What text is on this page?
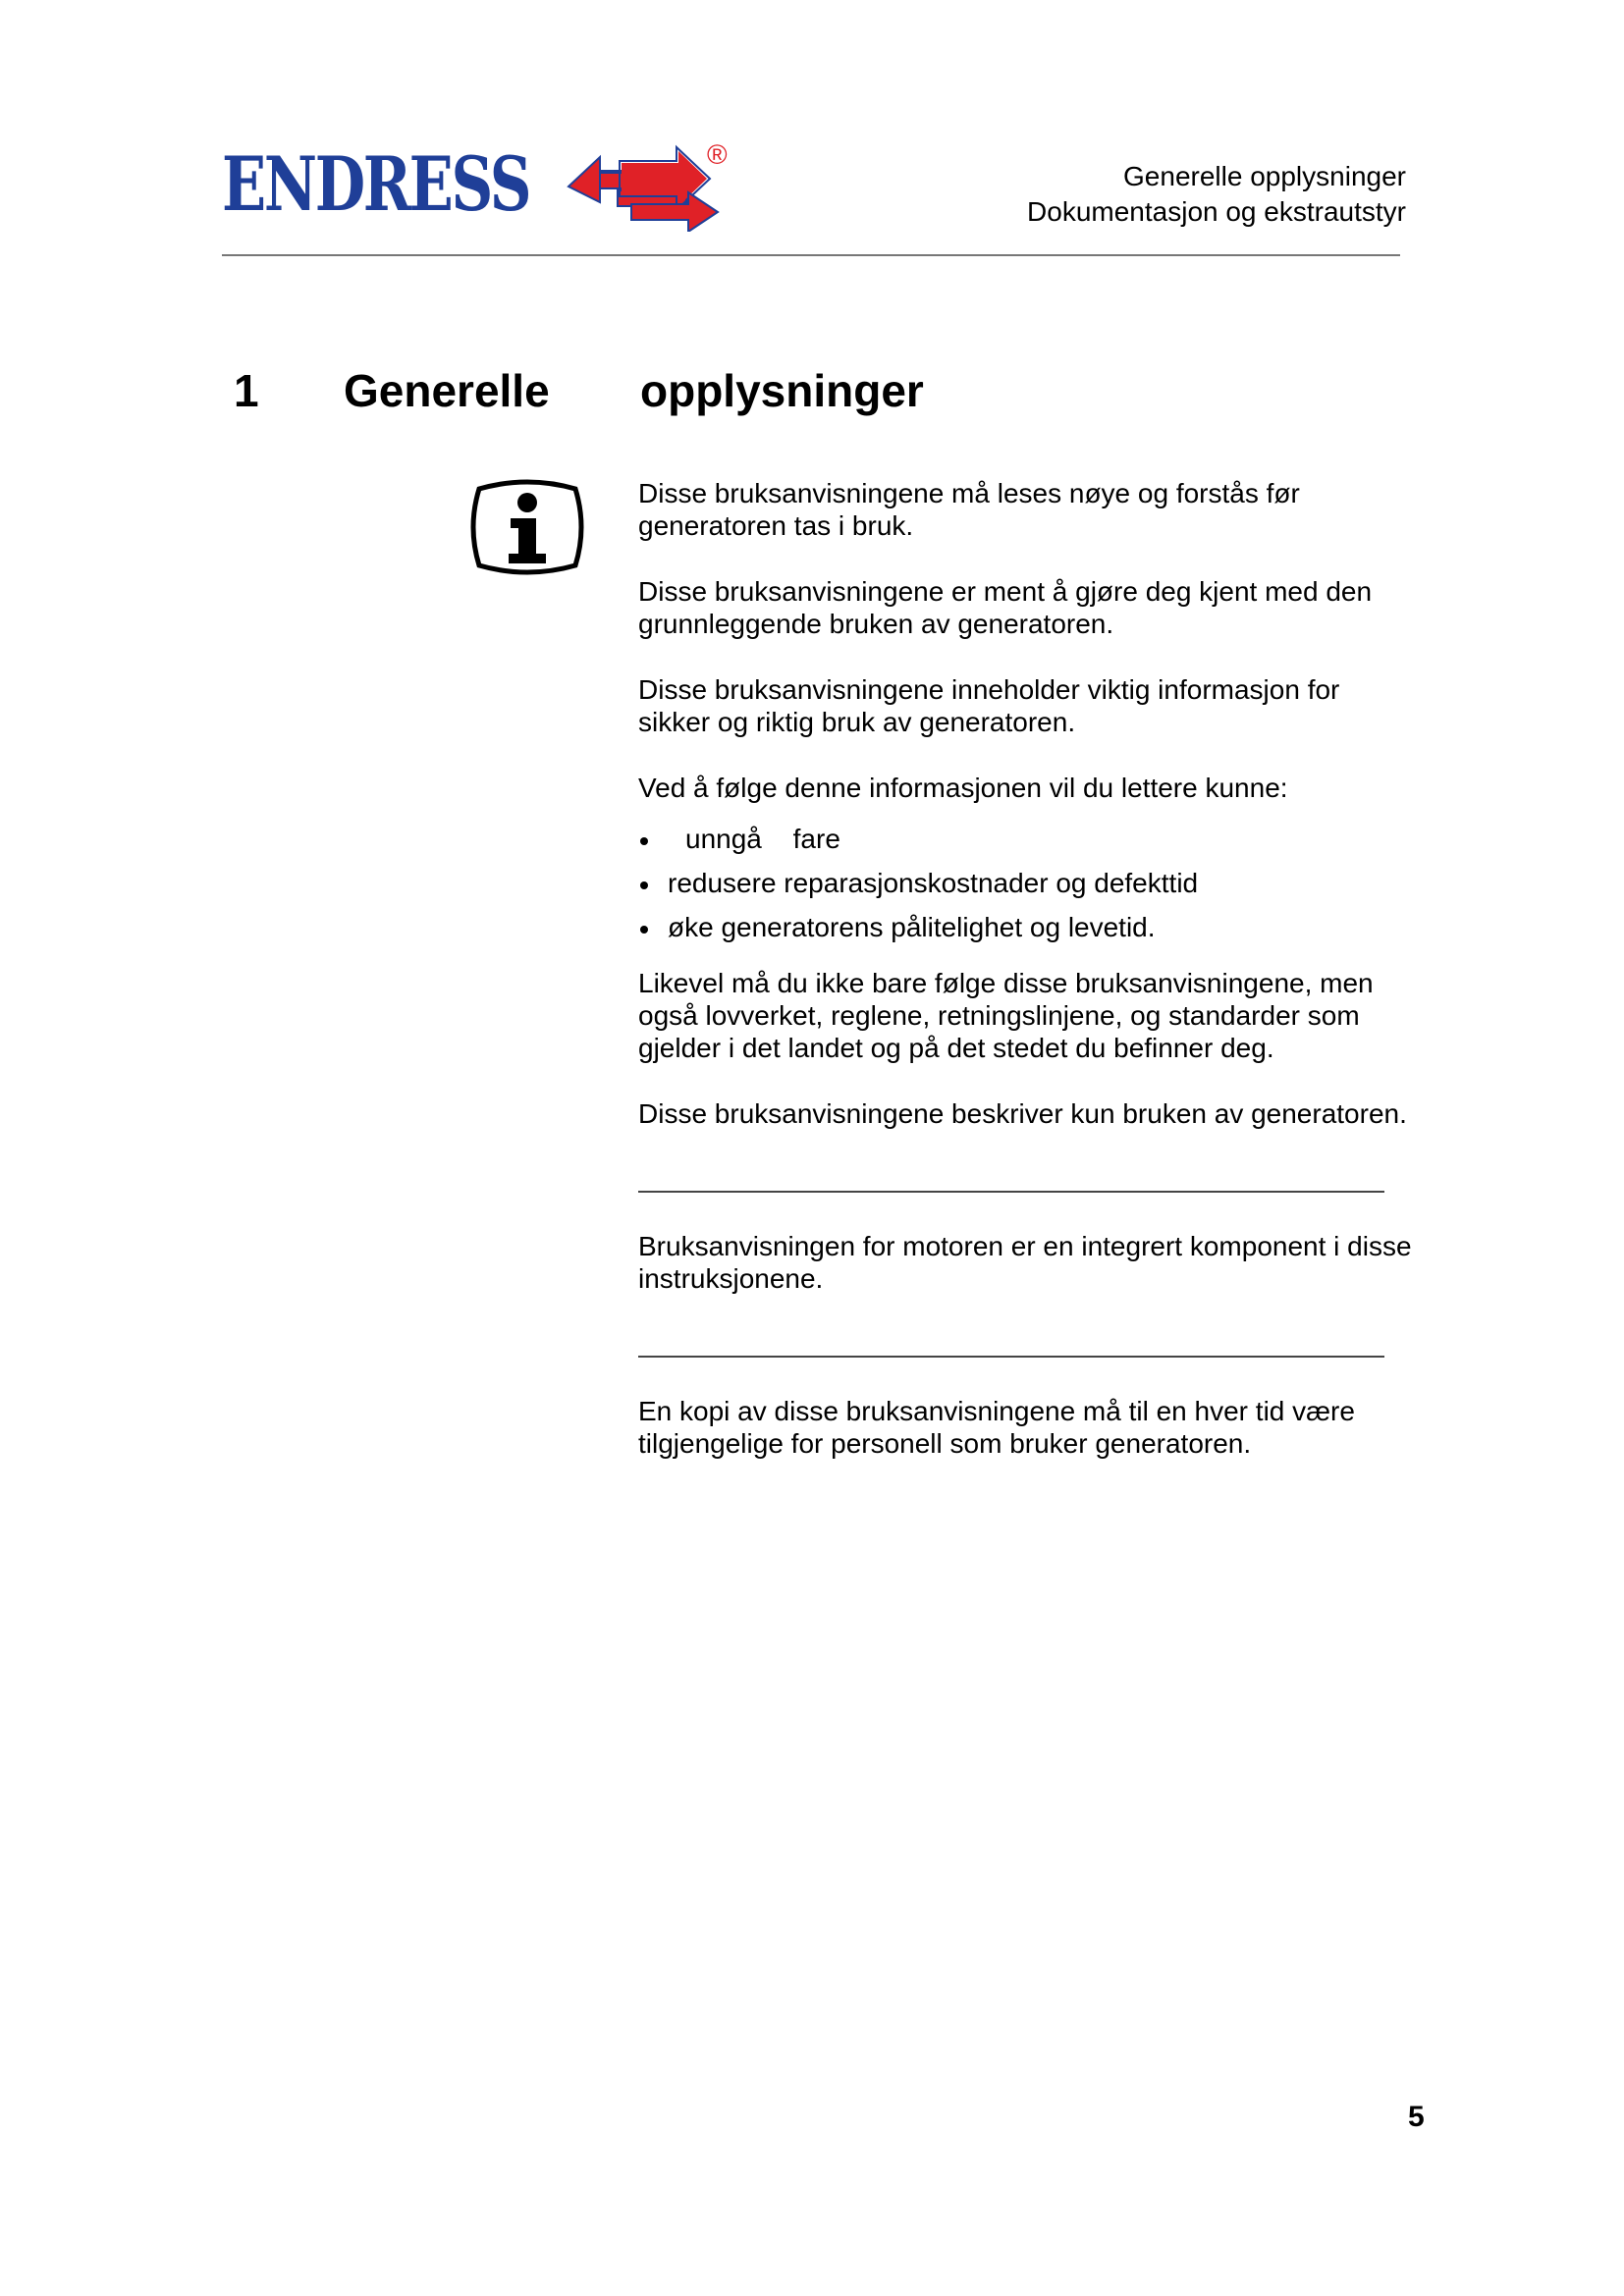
ENDRESS	®
Generelle opplysninger
Dokumentasjon og ekstrautstyr
1 Generelle opplysninger

Disse bruksanvisningene må leses nøye og forstås før generatoren tas i bruk.

Disse bruksanvisningene er ment å gjøre deg kjent med den grunnleggende bruken av generatoren.

Disse bruksanvisningene inneholder viktig informasjon for sikker og riktig bruk av generatoren.

Ved å følge denne informasjonen vil du lettere kunne:

unngå fare
redusere reparasjonskostnader og defekttid
øke generatorens pålitelighet og levetid.

Likevel må du ikke bare følge disse bruksanvisningene, men også lovverket, reglene, retningslinjene, og standarder som gjelder i det landet og på det stedet du befinner deg.

Disse bruksanvisningene beskriver kun bruken av generatoren.

Bruksanvisningen for motoren er en integrert komponent i disse instruksjonene.

En kopi av disse bruksanvisningene må til en hver tid være tilgjengelige for personell som bruker generatoren.

5
